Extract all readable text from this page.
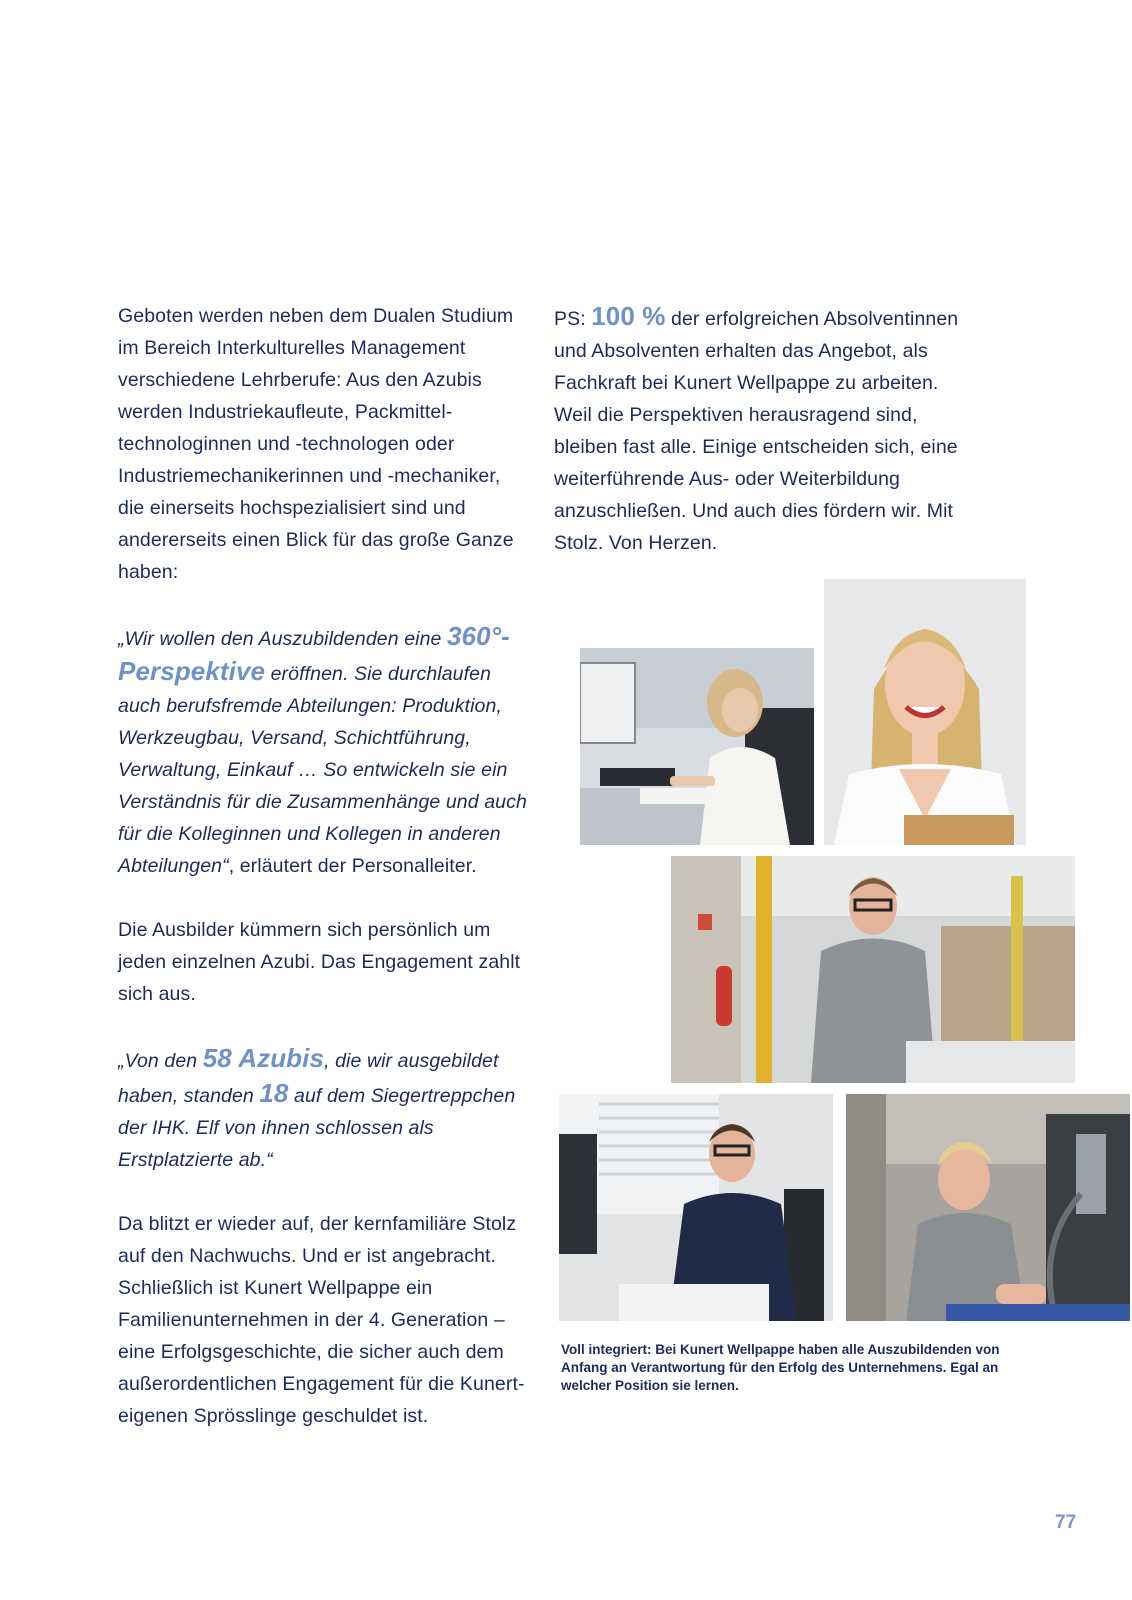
Geboten werden neben dem Dualen Studium im Bereich Interkulturelles Management verschiedene Lehrberufe: Aus den Azubis werden Industriekaufleute, Packmitteltechnologinnen und -technologen oder Industriemechanikerinnen und -mechaniker, die einerseits hochspezialisiert sind und andererseits einen Blick für das große Ganze haben:

„Wir wollen den Auszubildenden eine 360°-Perspektive eröffnen. Sie durchlaufen auch berufsfremde Abteilungen: Produktion, Werkzeugbau, Versand, Schichtführung, Verwaltung, Einkauf … So entwickeln sie ein Verständnis für die Zusammenhänge und auch für die Kolleginnen und Kollegen in anderen Abteilungen“, erläutert der Personalleiter.

Die Ausbilder kümmern sich persönlich um jeden einzelnen Azubi. Das Engagement zahlt sich aus.

„Von den 58 Azubis, die wir ausgebildet haben, standen 18 auf dem Siegertreppchen der IHK. Elf von ihnen schlossen als Erstplatzierte ab.“

Da blitzt er wieder auf, der kernfamiliäre Stolz auf den Nachwuchs. Und er ist angebracht. Schließlich ist Kunert Wellpappe ein Familienunternehmen in der 4. Generation – eine Erfolgsgeschichte, die sicher auch dem außerordentlichen Engagement für die Kunert-eigenen Sprösslinge geschuldet ist.

PS: 100 % der erfolgreichen Absolventinnen und Absolventen erhalten das Angebot, als Fachkraft bei Kunert Wellpappe zu arbeiten. Weil die Perspektiven herausragend sind, bleiben fast alle. Einige entscheiden sich, eine weiterführende Aus- oder Weiterbildung anzuschließen. Und auch dies fördern wir. Mit Stolz. Von Herzen.

Voll integriert: Bei Kunert Wellpappe haben alle Auszubildenden von Anfang an Verantwortung für den Erfolg des Unternehmens. Egal an welcher Position sie lernen.
77
